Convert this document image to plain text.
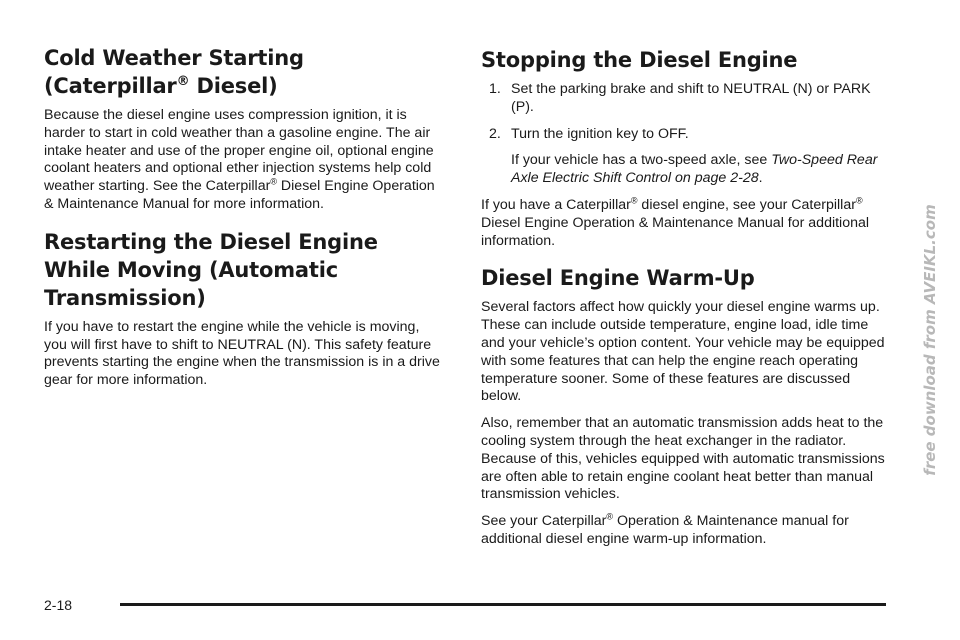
Cold Weather Starting
(Caterpillar® Diesel)

Because the diesel engine uses compression ignition, it is harder to start in cold weather than a gasoline engine. The air intake heater and use of the proper engine oil, optional engine coolant heaters and optional ether injection systems help cold weather starting. See the Caterpillar® Diesel Engine Operation & Maintenance Manual for more information.

Restarting the Diesel Engine While Moving (Automatic Transmission)

If you have to restart the engine while the vehicle is moving, you will first have to shift to NEUTRAL (N). This safety feature prevents starting the engine when the transmission is in a drive gear for more information.

Stopping the Diesel Engine
1. Set the parking brake and shift to NEUTRAL (N) or PARK (P).
2. Turn the ignition key to OFF.

If your vehicle has a two-speed axle, see Two-Speed Rear Axle Electric Shift Control on page 2-28.

If you have a Caterpillar® diesel engine, see your Caterpillar® Diesel Engine Operation & Maintenance Manual for additional information.

Diesel Engine Warm-Up

Several factors affect how quickly your diesel engine warms up. These can include outside temperature, engine load, idle time and your vehicle’s option content. Your vehicle may be equipped with some features that can help the engine reach operating temperature sooner. Some of these features are discussed below.

Also, remember that an automatic transmission adds heat to the cooling system through the heat exchanger in the radiator. Because of this, vehicles equipped with automatic transmissions are often able to retain engine coolant heat better than manual transmission vehicles.

See your Caterpillar® Operation & Maintenance manual for additional diesel engine warm-up information.

2-18
free download from AVEIKL.com
